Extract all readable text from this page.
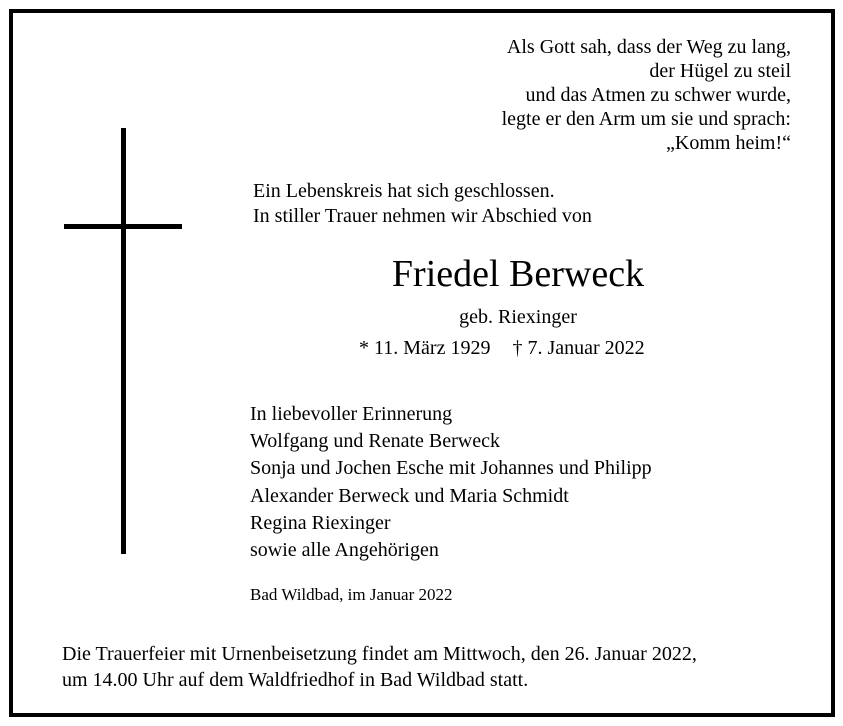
Als Gott sah, dass der Weg zu lang,
der Hügel zu steil
und das Atmen zu schwer wurde,
legte er den Arm um sie und sprach:
„Komm heim!“
Ein Lebenskreis hat sich geschlossen.
In stiller Trauer nehmen wir Abschied von
Friedel Berweck
geb. Riexinger
* 11. März 1929 † 7. Januar 2022
In liebevoller Erinnerung
Wolfgang und Renate Berweck
Sonja und Jochen Esche mit Johannes und Philipp
Alexander Berweck und Maria Schmidt
Regina Riexinger
sowie alle Angehörigen
Bad Wildbad, im Januar 2022
Die Trauerfeier mit Urnenbeisetzung findet am Mittwoch, den 26. Januar 2022,
um 14.00 Uhr auf dem Waldfriedhof in Bad Wildbad statt.
